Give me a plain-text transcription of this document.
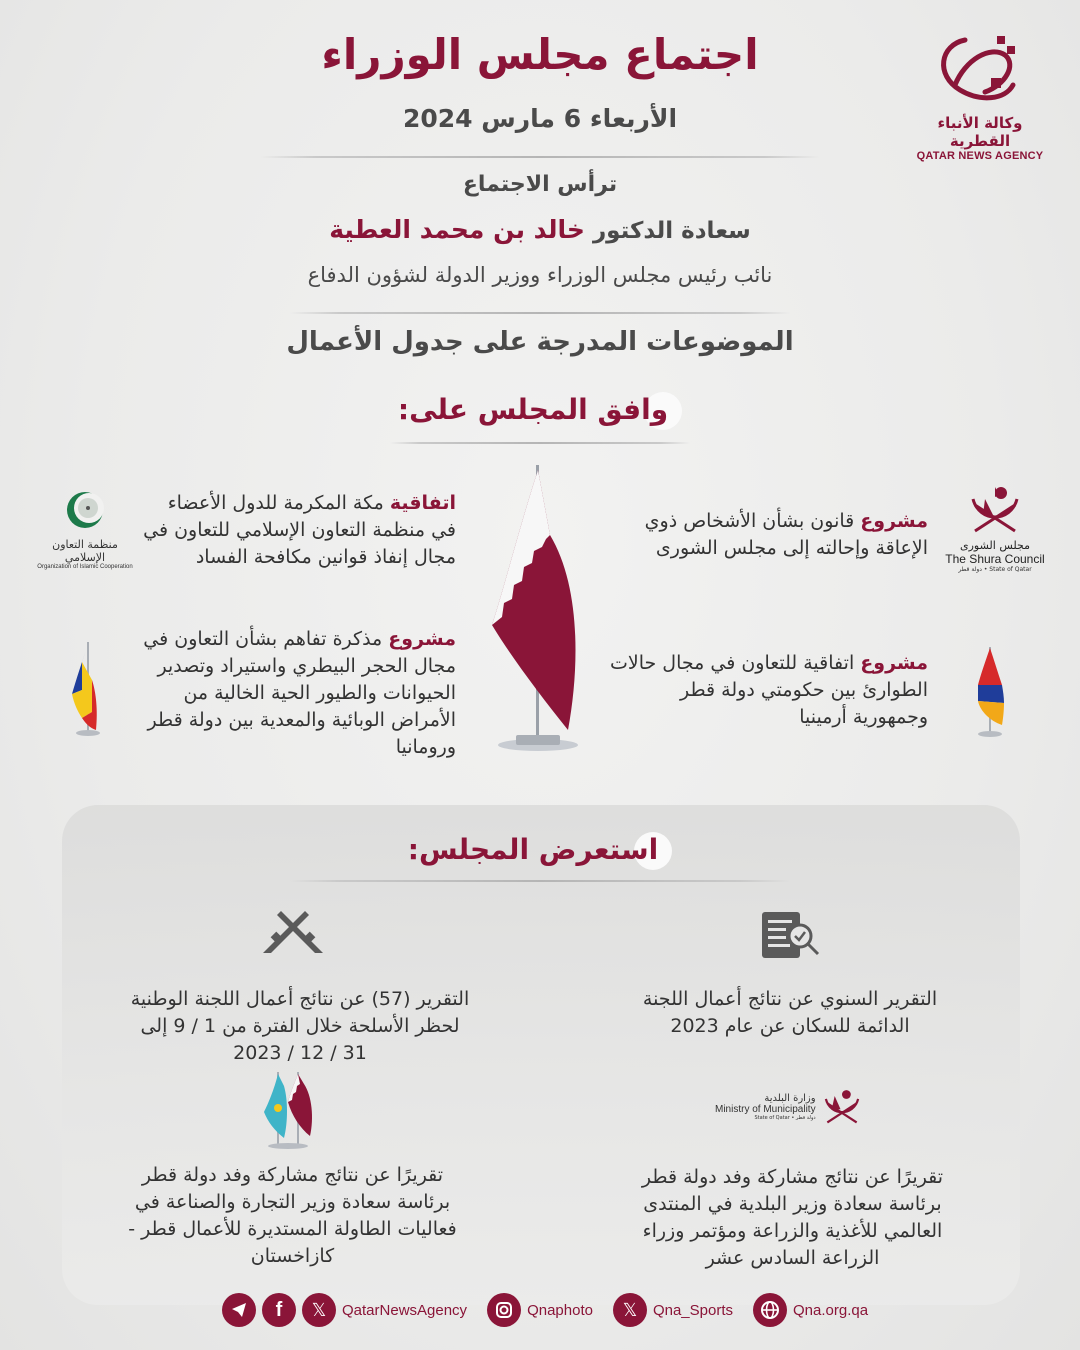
وكالة الأنباء القطرية
QATAR NEWS AGENCY
اجتماع مجلس الوزراء
الأربعاء 6 مارس 2024
ترأس الاجتماع
سعادة الدكتور خالد بن محمد العطية
نائب رئيس مجلس الوزراء ووزير الدولة لشؤون الدفاع
الموضوعات المدرجة على جدول الأعمال
وافق المجلس على:
مشروع قانون بشأن الأشخاص ذوي الإعاقة وإحالته إلى مجلس الشورى	مجلس الشورى
The Shura Council
State of Qatar • دولة قطر
اتفاقية مكة المكرمة للدول الأعضاء في منظمة التعاون الإسلامي للتعاون في مجال إنفاذ قوانين مكافحة الفساد
منظمة التعاون الإسلامي
Organization of Islamic Cooperation
مشروع اتفاقية للتعاون في مجال حالات الطوارئ بين حكومتي دولة قطر وجمهورية أرمينيا
مشروع مذكرة تفاهم بشأن التعاون في مجال الحجر البيطري واستيراد وتصدير الحيوانات والطيور الحية الخالية من الأمراض الوبائية والمعدية بين دولة قطر ورومانيا
استعرض المجلس:
التقرير السنوي عن نتائج أعمال اللجنة الدائمة للسكان عن عام 2023
التقرير (57) عن نتائج أعمال اللجنة الوطنية لحظر الأسلحة خلال الفترة من 1 / 9 إلى 31 / 12 / 2023
وزارة البلدية
Ministry of Municipality
State of Qatar • دولة قطر
تقريرًا عن نتائج مشاركة وفد دولة قطر برئاسة سعادة وزير البلدية في المنتدى العالمي للأغذية والزراعة ومؤتمر وزراء الزراعة السادس عشر
تقريرًا عن نتائج مشاركة وفد دولة قطر برئاسة سعادة وزير التجارة والصناعة في فعاليات الطاولة المستديرة للأعمال قطر - كازاخستان
f	𝕏	QatarNewsAgency	Qnaphoto	𝕏	Qna_Sports	Qna.org.qa
